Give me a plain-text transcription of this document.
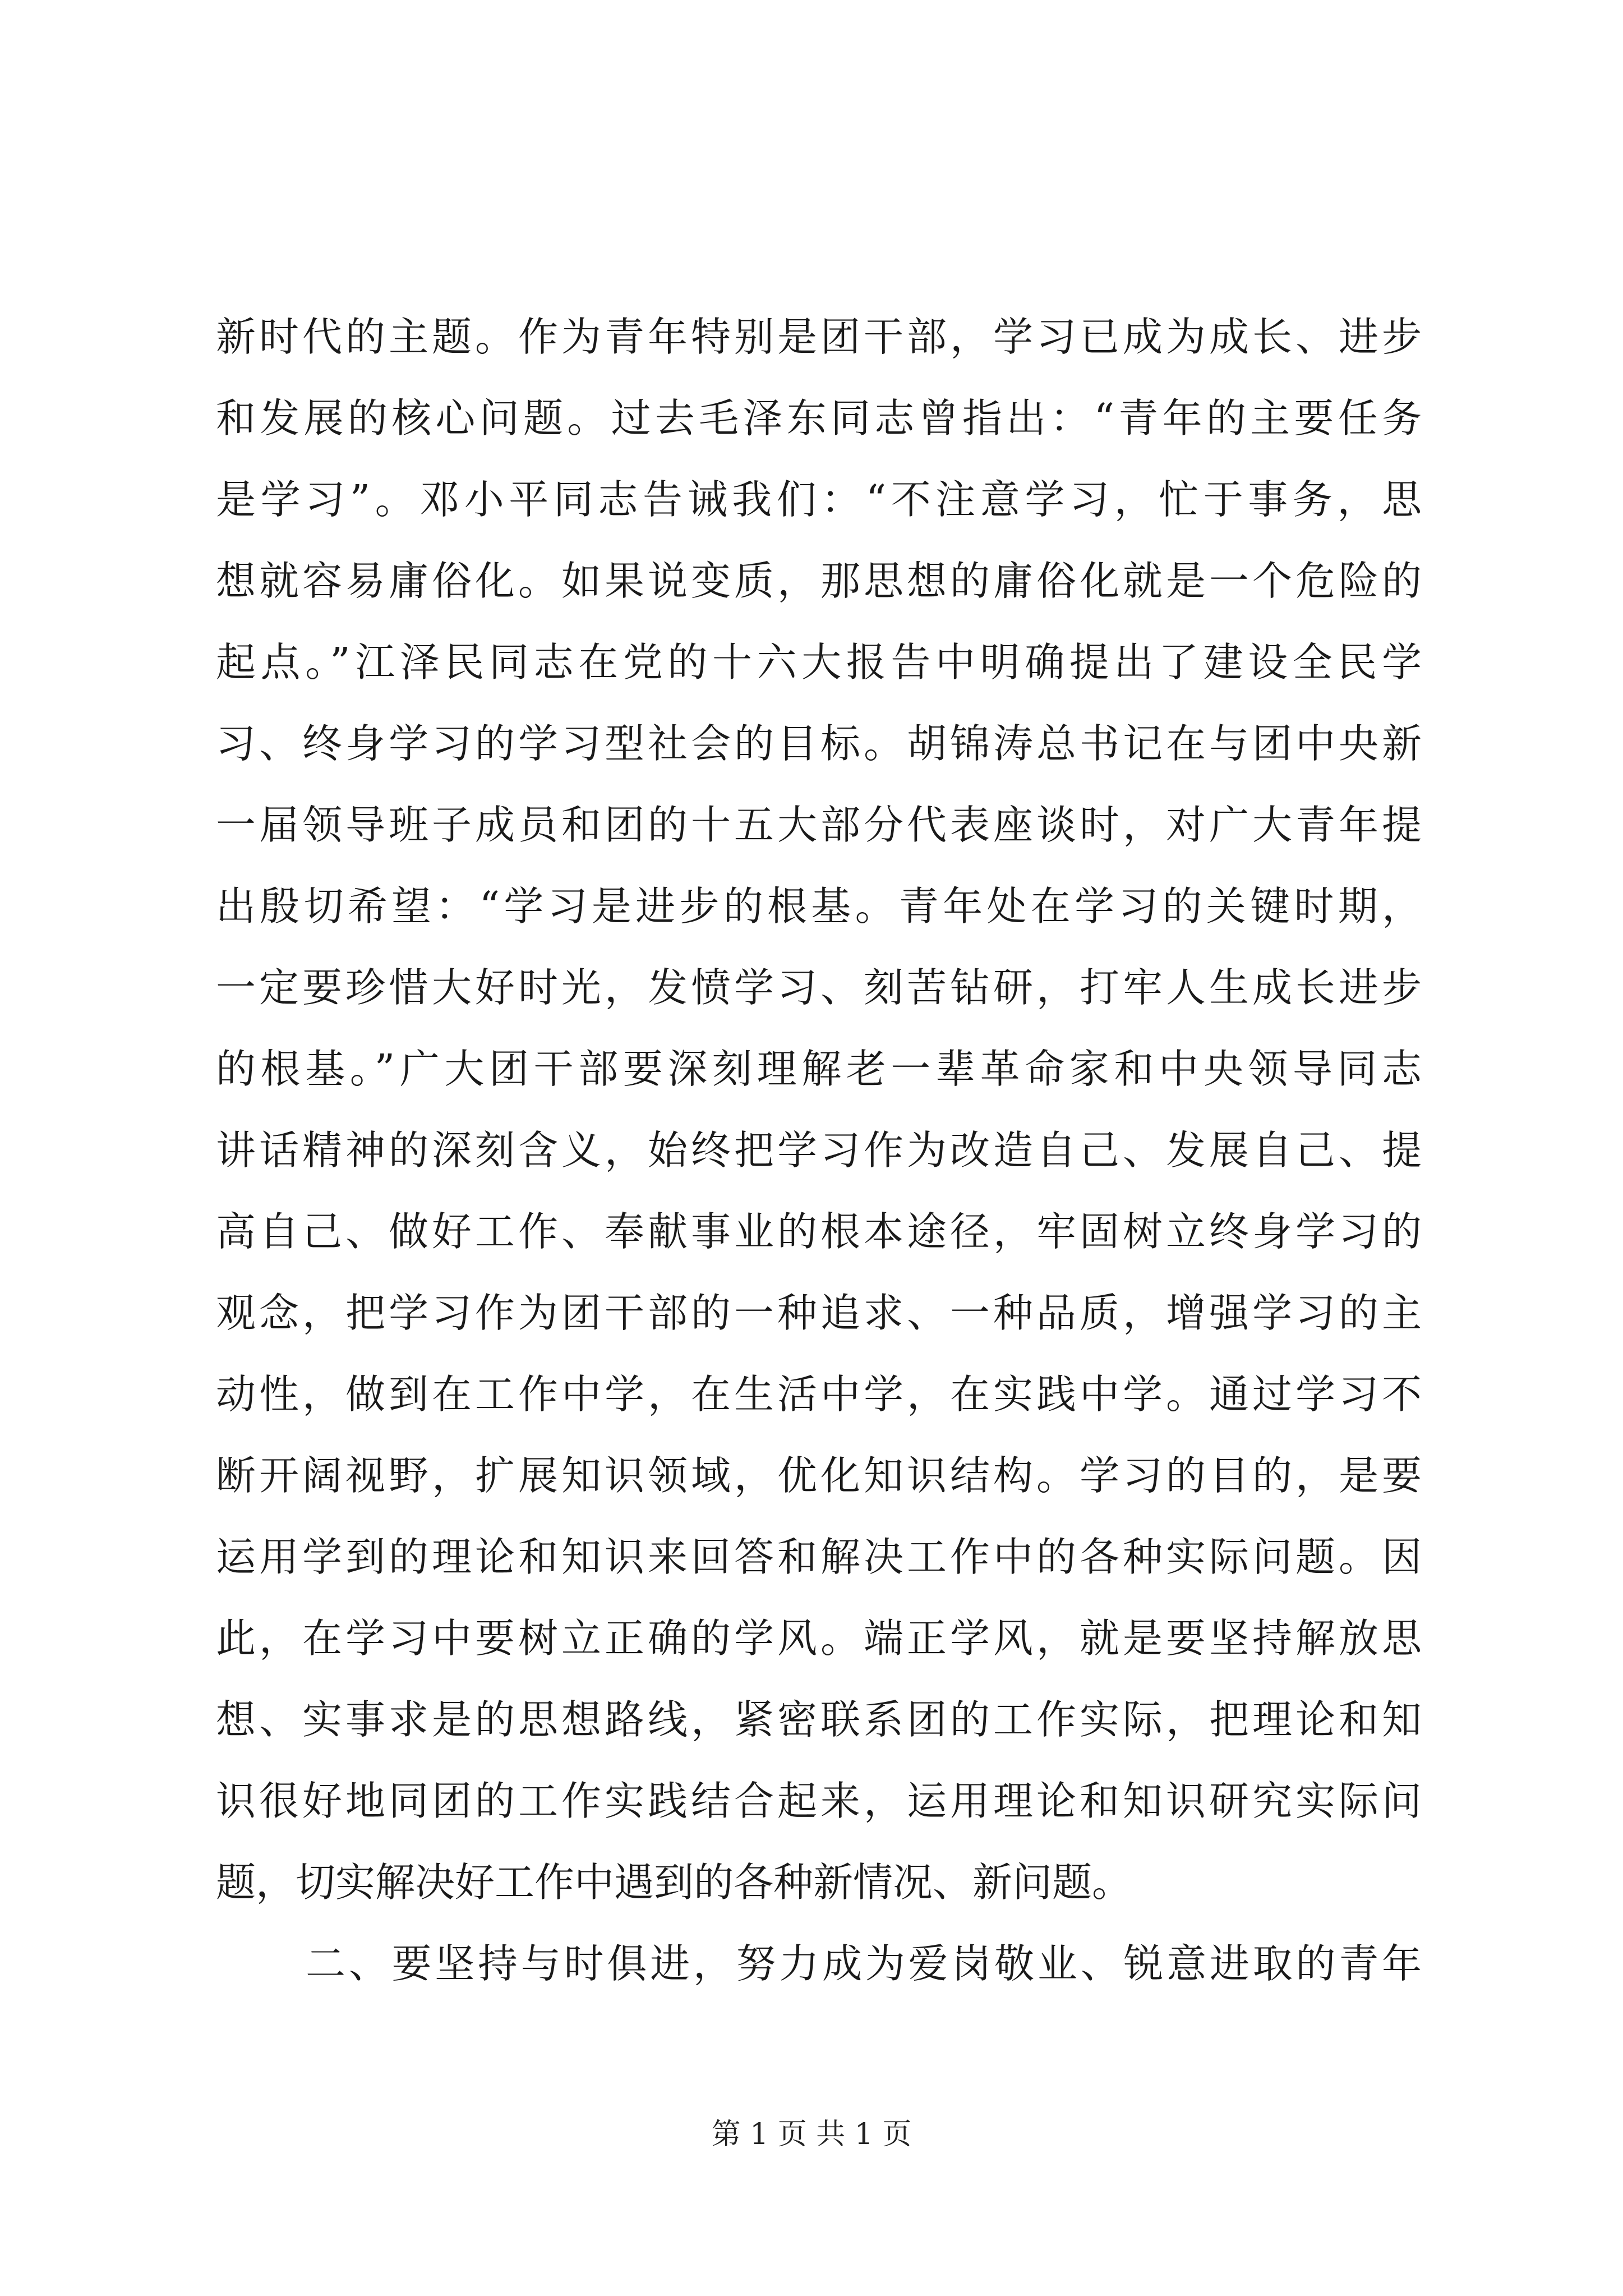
新时代的主题。作为青年特别是团干部，学习已成为成长、进步
和发展的核心问题。过去毛泽东同志曾指出：“青年的主要任务
是学习”。邓小平同志告诫我们：“不注意学习，忙于事务，思
想就容易庸俗化。如果说变质，那思想的庸俗化就是一个危险的
起点。”江泽民同志在党的十六大报告中明确提出了建设全民学
习、终身学习的学习型社会的目标。胡锦涛总书记在与团中央新
一届领导班子成员和团的十五大部分代表座谈时，对广大青年提
出殷切希望：“学习是进步的根基。青年处在学习的关键时期，
一定要珍惜大好时光，发愤学习、刻苦钻研，打牢人生成长进步
的根基。”广大团干部要深刻理解老一辈革命家和中央领导同志
讲话精神的深刻含义，始终把学习作为改造自己、发展自己、提
高自己、做好工作、奉献事业的根本途径，牢固树立终身学习的
观念，把学习作为团干部的一种追求、一种品质，增强学习的主
动性，做到在工作中学，在生活中学，在实践中学。通过学习不
断开阔视野，扩展知识领域，优化知识结构。学习的目的，是要
运用学到的理论和知识来回答和解决工作中的各种实际问题。因
此，在学习中要树立正确的学风。端正学风，就是要坚持解放思
想、实事求是的思想路线，紧密联系团的工作实际，把理论和知
识很好地同团的工作实践结合起来，运用理论和知识研究实际问
题，切实解决好工作中遇到的各种新情况、新问题。
二、要坚持与时俱进，努力成为爱岗敬业、锐意进取的青年
第 1 页 共 1 页
